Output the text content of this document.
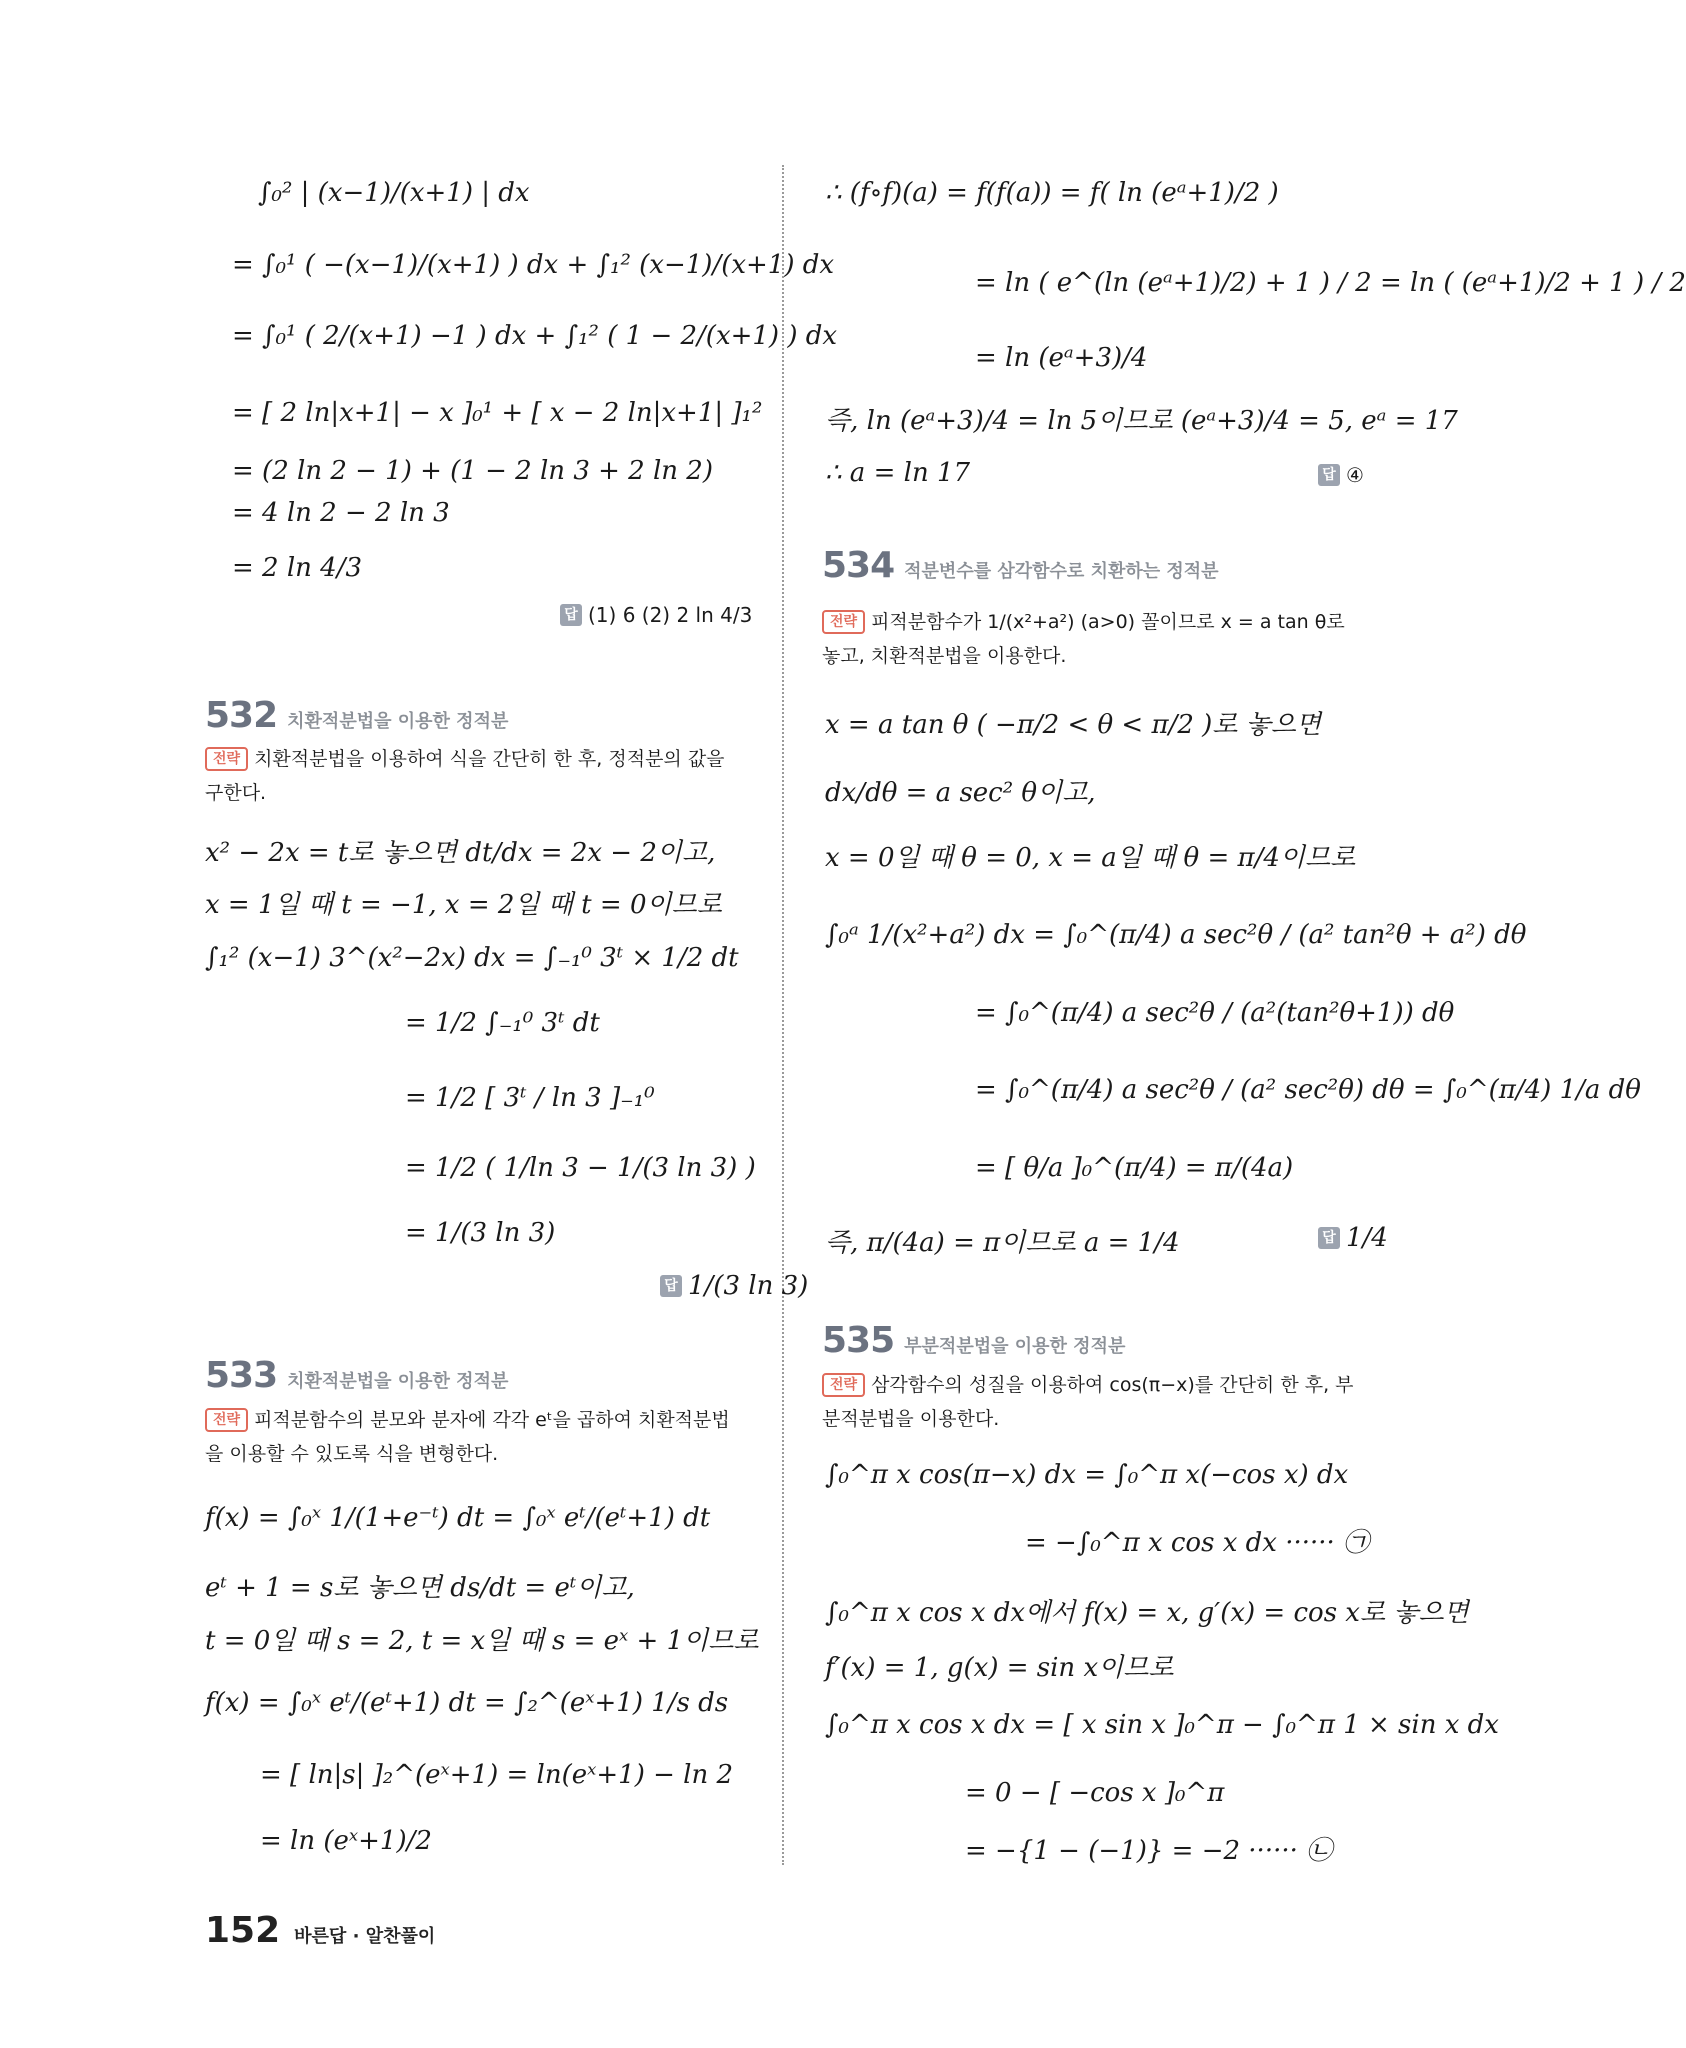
∫₀² | (x−1)/(x+1) | dx
= ∫₀¹ ( −(x−1)/(x+1) ) dx + ∫₁² (x−1)/(x+1) dx
= ∫₀¹ ( 2/(x+1) −1 ) dx + ∫₁² ( 1 − 2/(x+1) ) dx
= [ 2 ln|x+1| − x ]₀¹ + [ x − 2 ln|x+1| ]₁²
= (2 ln 2 − 1) + (1 − 2 ln 3 + 2 ln 2)
= 4 ln 2 − 2 ln 3
= 2 ln 4/3
답 (1) 6 (2) 2 ln 4/3
532 치환적분법을 이용한 정적분
전략 치환적분법을 이용하여 식을 간단히 한 후, 정적분의 값을 구한다.
x² − 2x = t로 놓으면 dt/dx = 2x − 2이고,
x = 1일 때 t = −1, x = 2일 때 t = 0이므로
∫₁² (x−1) 3^(x²−2x) dx = ∫₋₁⁰ 3ᵗ × 1/2 dt
= 1/2 ∫₋₁⁰ 3ᵗ dt
= 1/2 [ 3ᵗ / ln 3 ]₋₁⁰
= 1/2 ( 1/ln 3 − 1/(3 ln 3) )
= 1/(3 ln 3)
답 1/(3 ln 3)
533 치환적분법을 이용한 정적분
전략 피적분함수의 분모와 분자에 각각 eᵗ을 곱하여 치환적분법을 이용할 수 있도록 식을 변형한다.
f(x) = ∫₀ˣ 1/(1+e⁻ᵗ) dt = ∫₀ˣ eᵗ/(eᵗ+1) dt
eᵗ + 1 = s로 놓으면 ds/dt = eᵗ이고,
t = 0일 때 s = 2, t = x일 때 s = eˣ + 1이므로
f(x) = ∫₀ˣ eᵗ/(eᵗ+1) dt = ∫₂^(eˣ+1) 1/s ds
= [ ln|s| ]₂^(eˣ+1) = ln(eˣ+1) − ln 2
= ln (eˣ+1)/2
∴ (f∘f)(a) = f(f(a)) = f( ln (eᵃ+1)/2 )
= ln ( e^(ln (eᵃ+1)/2) + 1 ) / 2 = ln ( (eᵃ+1)/2 + 1 ) / 2
= ln (eᵃ+3)/4
즉, ln (eᵃ+3)/4 = ln 5이므로 (eᵃ+3)/4 = 5, eᵃ = 17
∴ a = ln 17	답 ④
534 적분변수를 삼각함수로 치환하는 정적분
전략 피적분함수가 1/(x²+a²) (a>0) 꼴이므로 x = a tan θ로 놓고, 치환적분법을 이용한다.
x = a tan θ ( −π/2 < θ < π/2 )로 놓으면
dx/dθ = a sec² θ이고,
x = 0일 때 θ = 0, x = a일 때 θ = π/4이므로
∫₀ᵃ 1/(x²+a²) dx = ∫₀^(π/4) a sec²θ / (a² tan²θ + a²) dθ
= ∫₀^(π/4) a sec²θ / (a²(tan²θ+1)) dθ
= ∫₀^(π/4) a sec²θ / (a² sec²θ) dθ = ∫₀^(π/4) 1/a dθ
= [ θ/a ]₀^(π/4) = π/(4a)
즉, π/(4a) = π이므로 a = 1/4	답 1/4
535 부분적분법을 이용한 정적분
전략 삼각함수의 성질을 이용하여 cos(π−x)를 간단히 한 후, 부분적분법을 이용한다.
∫₀^π x cos(π−x) dx = ∫₀^π x(−cos x) dx
= −∫₀^π x cos x dx ······ ㉠
∫₀^π x cos x dx에서 f(x) = x, g′(x) = cos x로 놓으면
f′(x) = 1, g(x) = sin x이므로
∫₀^π x cos x dx = [ x sin x ]₀^π − ∫₀^π 1 × sin x dx
= 0 − [ −cos x ]₀^π
= −{1 − (−1)} = −2 ······ ㉡
152 바른답 · 알찬풀이
